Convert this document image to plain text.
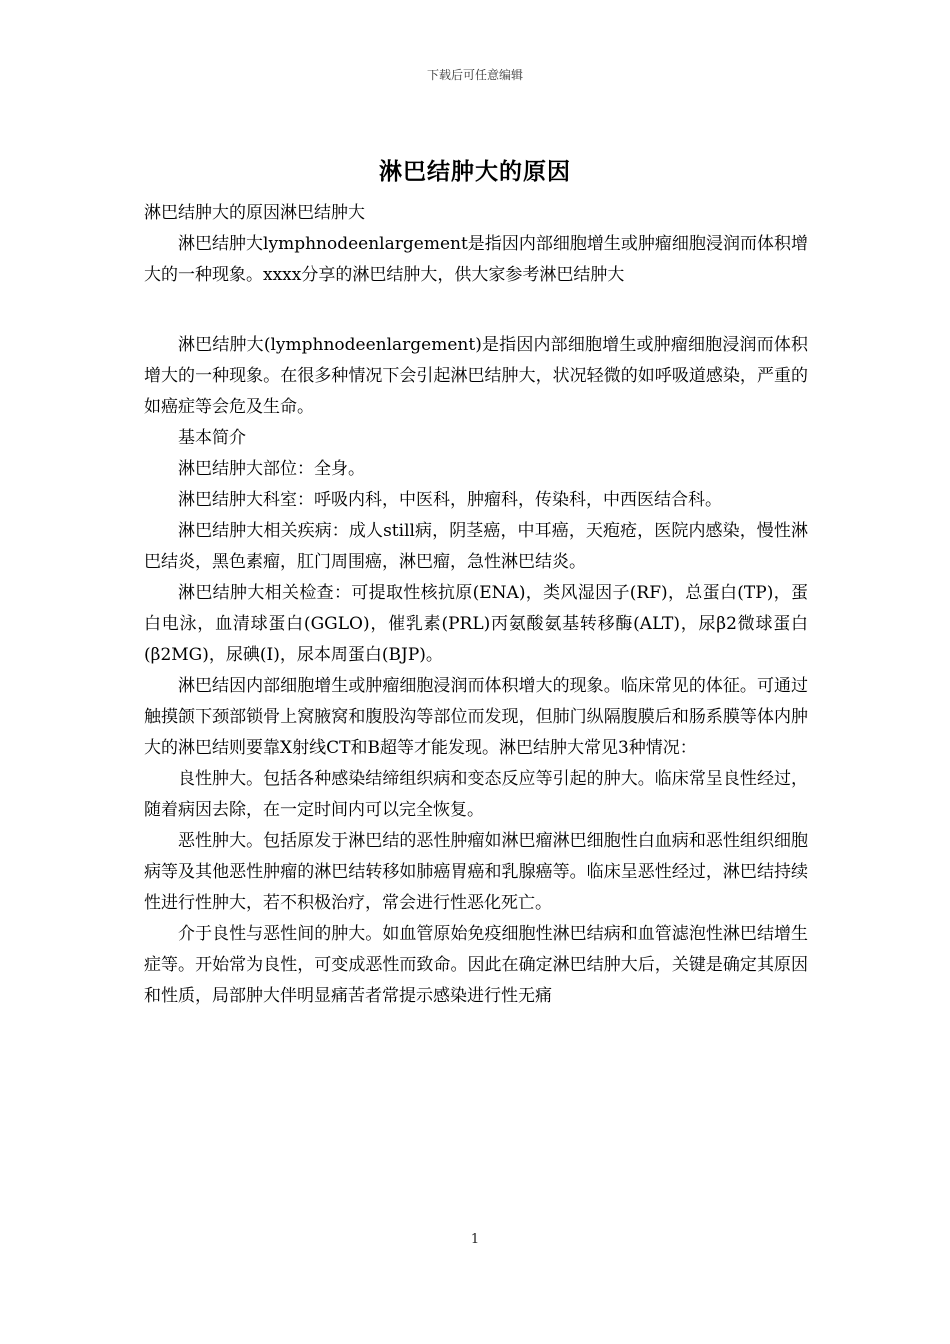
下载后可任意编辑
淋巴结肿大的原因

淋巴结肿大的原因淋巴结肿大

淋巴结肿大lymphnodeenlargement是指因内部细胞增生或肿瘤细胞浸润而体积增大的一种现象。xxxx分享的淋巴结肿大，供大家参考淋巴结肿大

淋巴结肿大(lymphnodeenlargement)是指因内部细胞增生或肿瘤细胞浸润而体积增大的一种现象。在很多种情况下会引起淋巴结肿大，状况轻微的如呼吸道感染，严重的如癌症等会危及生命。

基本简介

淋巴结肿大部位：全身。

淋巴结肿大科室：呼吸内科，中医科，肿瘤科，传染科，中西医结合科。

淋巴结肿大相关疾病：成人still病，阴茎癌，中耳癌，天疱疮，医院内感染，慢性淋巴结炎，黑色素瘤，肛门周围癌，淋巴瘤，急性淋巴结炎。

淋巴结肿大相关检查：可提取性核抗原(ENA)，类风湿因子(RF)，总蛋白(TP)，蛋白电泳，血清球蛋白(GGLO)，催乳素(PRL)丙氨酸氨基转移酶(ALT)，尿β2微球蛋白(β2MG)，尿碘(I)，尿本周蛋白(BJP)。

淋巴结因内部细胞增生或肿瘤细胞浸润而体积增大的现象。临床常见的体征。可通过触摸颌下颈部锁骨上窝腋窝和腹股沟等部位而发现，但肺门纵隔腹膜后和肠系膜等体内肿大的淋巴结则要靠X射线CT和B超等才能发现。淋巴结肿大常见3种情况：

良性肿大。包括各种感染结缔组织病和变态反应等引起的肿大。临床常呈良性经过，随着病因去除，在一定时间内可以完全恢复。

恶性肿大。包括原发于淋巴结的恶性肿瘤如淋巴瘤淋巴细胞性白血病和恶性组织细胞病等及其他恶性肿瘤的淋巴结转移如肺癌胃癌和乳腺癌等。临床呈恶性经过，淋巴结持续性进行性肿大，若不积极治疗，常会进行性恶化死亡。

介于良性与恶性间的肿大。如血管原始免疫细胞性淋巴结病和血管滤泡性淋巴结增生症等。开始常为良性，可变成恶性而致命。因此在确定淋巴结肿大后，关键是确定其原因和性质，局部肿大伴明显痛苦者常提示感染进行性无痛

1
